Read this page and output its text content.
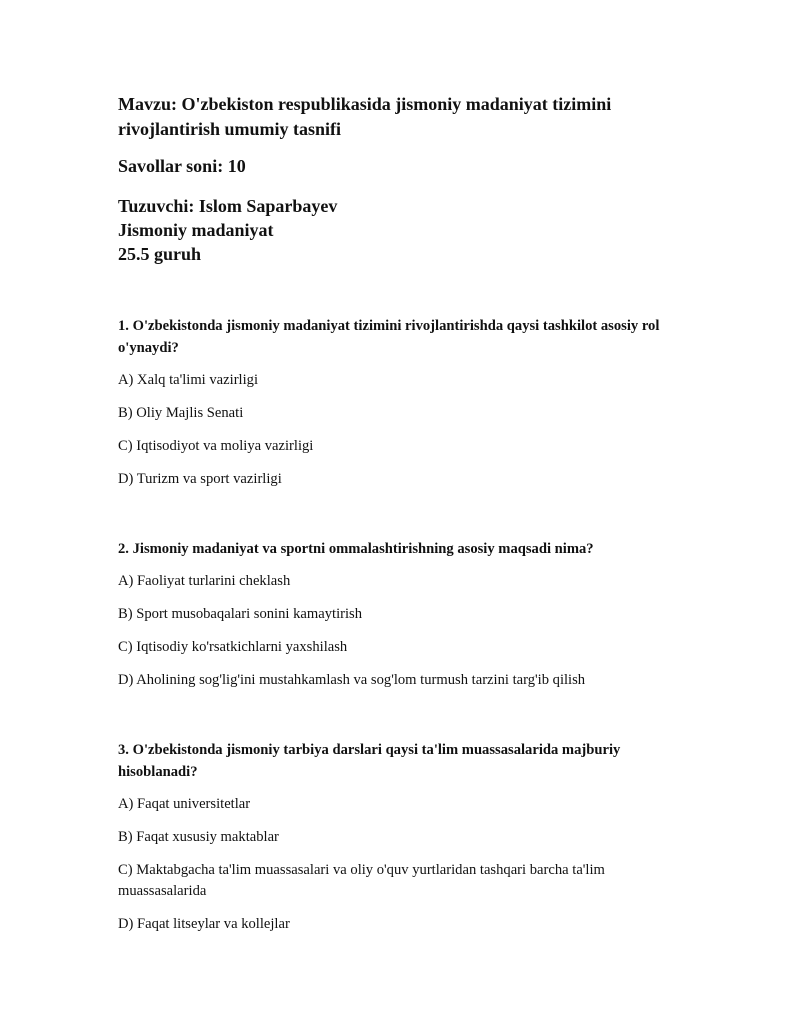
Mavzu: O'zbekiston respublikasida jismoniy madaniyat tizimini rivojlantirish umumiy tasnifi

Savollar soni: 10

Tuzuvchi: Islom Saparbayev

Jismoniy madaniyat

25.5 guruh

1. O'zbekistonda jismoniy madaniyat tizimini rivojlantirishda qaysi tashkilot asosiy rol o'ynaydi?

A) Xalq ta'limi vazirligi

B) Oliy Majlis Senati

C) Iqtisodiyot va moliya vazirligi

D) Turizm va sport vazirligi

2. Jismoniy madaniyat va sportni ommalashtirishning asosiy maqsadi nima?

A) Faoliyat turlarini cheklash

B) Sport musobaqalari sonini kamaytirish

C) Iqtisodiy ko'rsatkichlarni yaxshilash

D) Aholining sog'lig'ini mustahkamlash va sog'lom turmush tarzini targ'ib qilish

3. O'zbekistonda jismoniy tarbiya darslari qaysi ta'lim muassasalarida majburiy hisoblanadi?

A) Faqat universitetlar

B) Faqat xususiy maktablar

C) Maktabgacha ta'lim muassasalari va oliy o'quv yurtlaridan tashqari barcha ta'lim muassasalarida

D) Faqat litseylar va kollejlar
